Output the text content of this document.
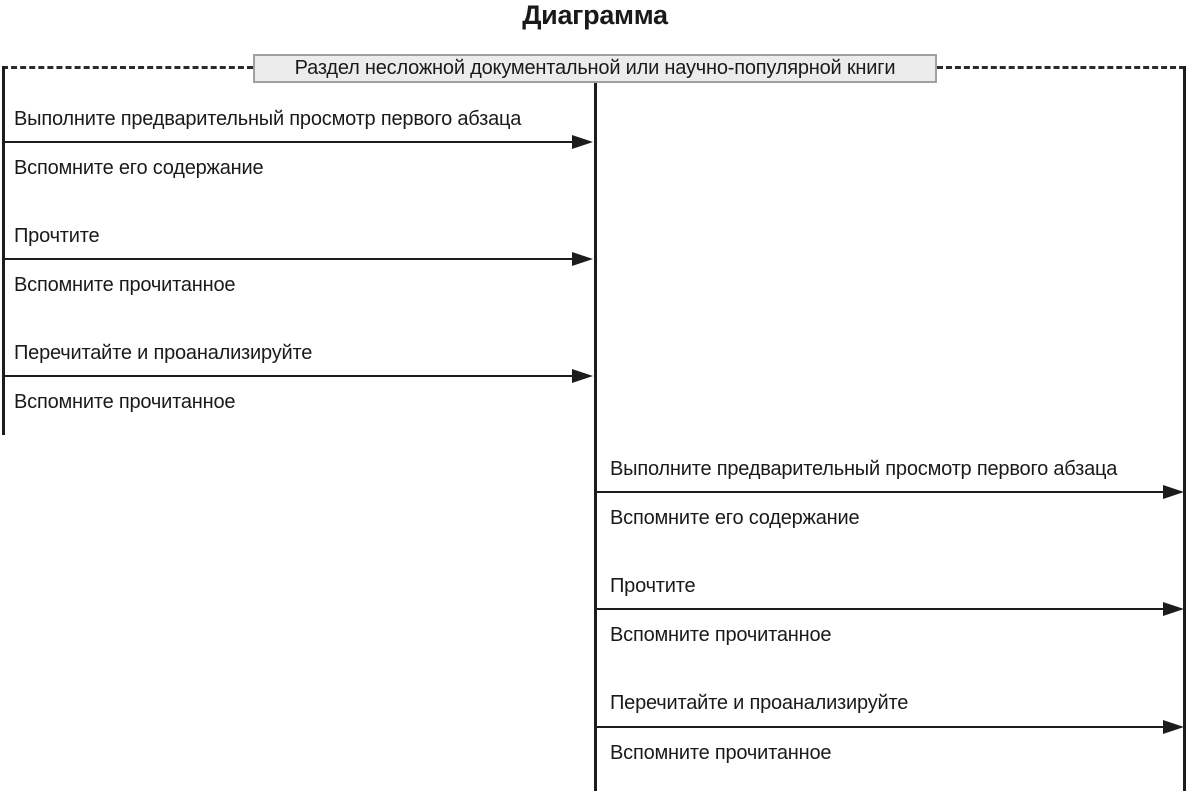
Диаграмма
Раздел несложной документальной или научно-популярной книги
Выполните предварительный просмотр первого абзаца
Вспомните его содержание
Прочтите
Вспомните прочитанное
Перечитайте и проанализируйте
Вспомните прочитанное
Выполните предварительный просмотр первого абзаца
Вспомните его содержание
Прочтите
Вспомните прочитанное
Перечитайте и проанализируйте
Вспомните прочитанное
